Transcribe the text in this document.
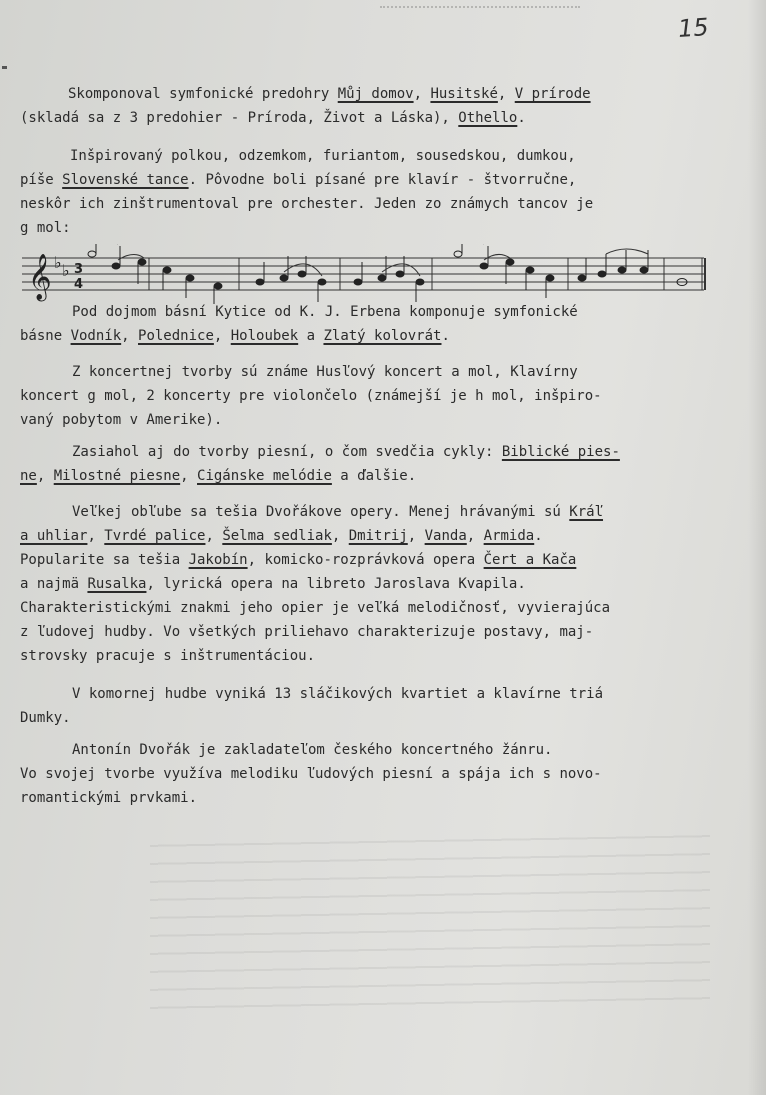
15
Skomponoval symfonické predohry Můj domov, Husitské, V prírode
(skladá sa z 3 predohier - Príroda, Život a Láska), Othello.
Inšpirovaný polkou, odzemkom, furiantom, sousedskou, dumkou,
píše Slovenské tance. Pôvodne boli písané pre klavír - štvorručne,
neskôr ich zinštrumentoval pre orchester. Jeden zo známych tancov je
g mol:
𝄞 ♭ ♭ 3
4
Pod dojmom básní Kytice od K. J. Erbena komponuje symfonické
básne Vodník, Polednice, Holoubek a Zlatý kolovrát.
Z koncertnej tvorby sú známe Husľový koncert a mol, Klavírny
koncert g mol, 2 koncerty pre violončelo (známejší je h mol, inšpiro-
vaný pobytom v Amerike).
Zasiahol aj do tvorby piesní, o čom svedčia cykly: Biblické pies-
ne, Milostné piesne, Cigánske melódie a ďalšie.
Veľkej obľube sa tešia Dvořákove opery. Menej hrávanými sú Kráľ
a uhliar, Tvrdé palice, Šelma sedliak, Dmitrij, Vanda, Armida.
Popularite sa tešia Jakobín, komicko-rozprávková opera Čert a Kača
a najmä Rusalka, lyrická opera na libreto Jaroslava Kvapila.
Charakteristickými znakmi jeho opier je veľká melodičnosť, vyvierajúca
z ľudovej hudby. Vo všetkých priliehavo charakterizuje postavy, maj-
strovsky pracuje s inštrumentáciou.
V komornej hudbe vyniká 13 sláčikových kvartiet a klavírne triá
Dumky.
Antonín Dvořák je zakladateľom českého koncertného žánru.
Vo svojej tvorbe využíva melodiku ľudových piesní a spája ich s novo-
romantickými prvkami.
